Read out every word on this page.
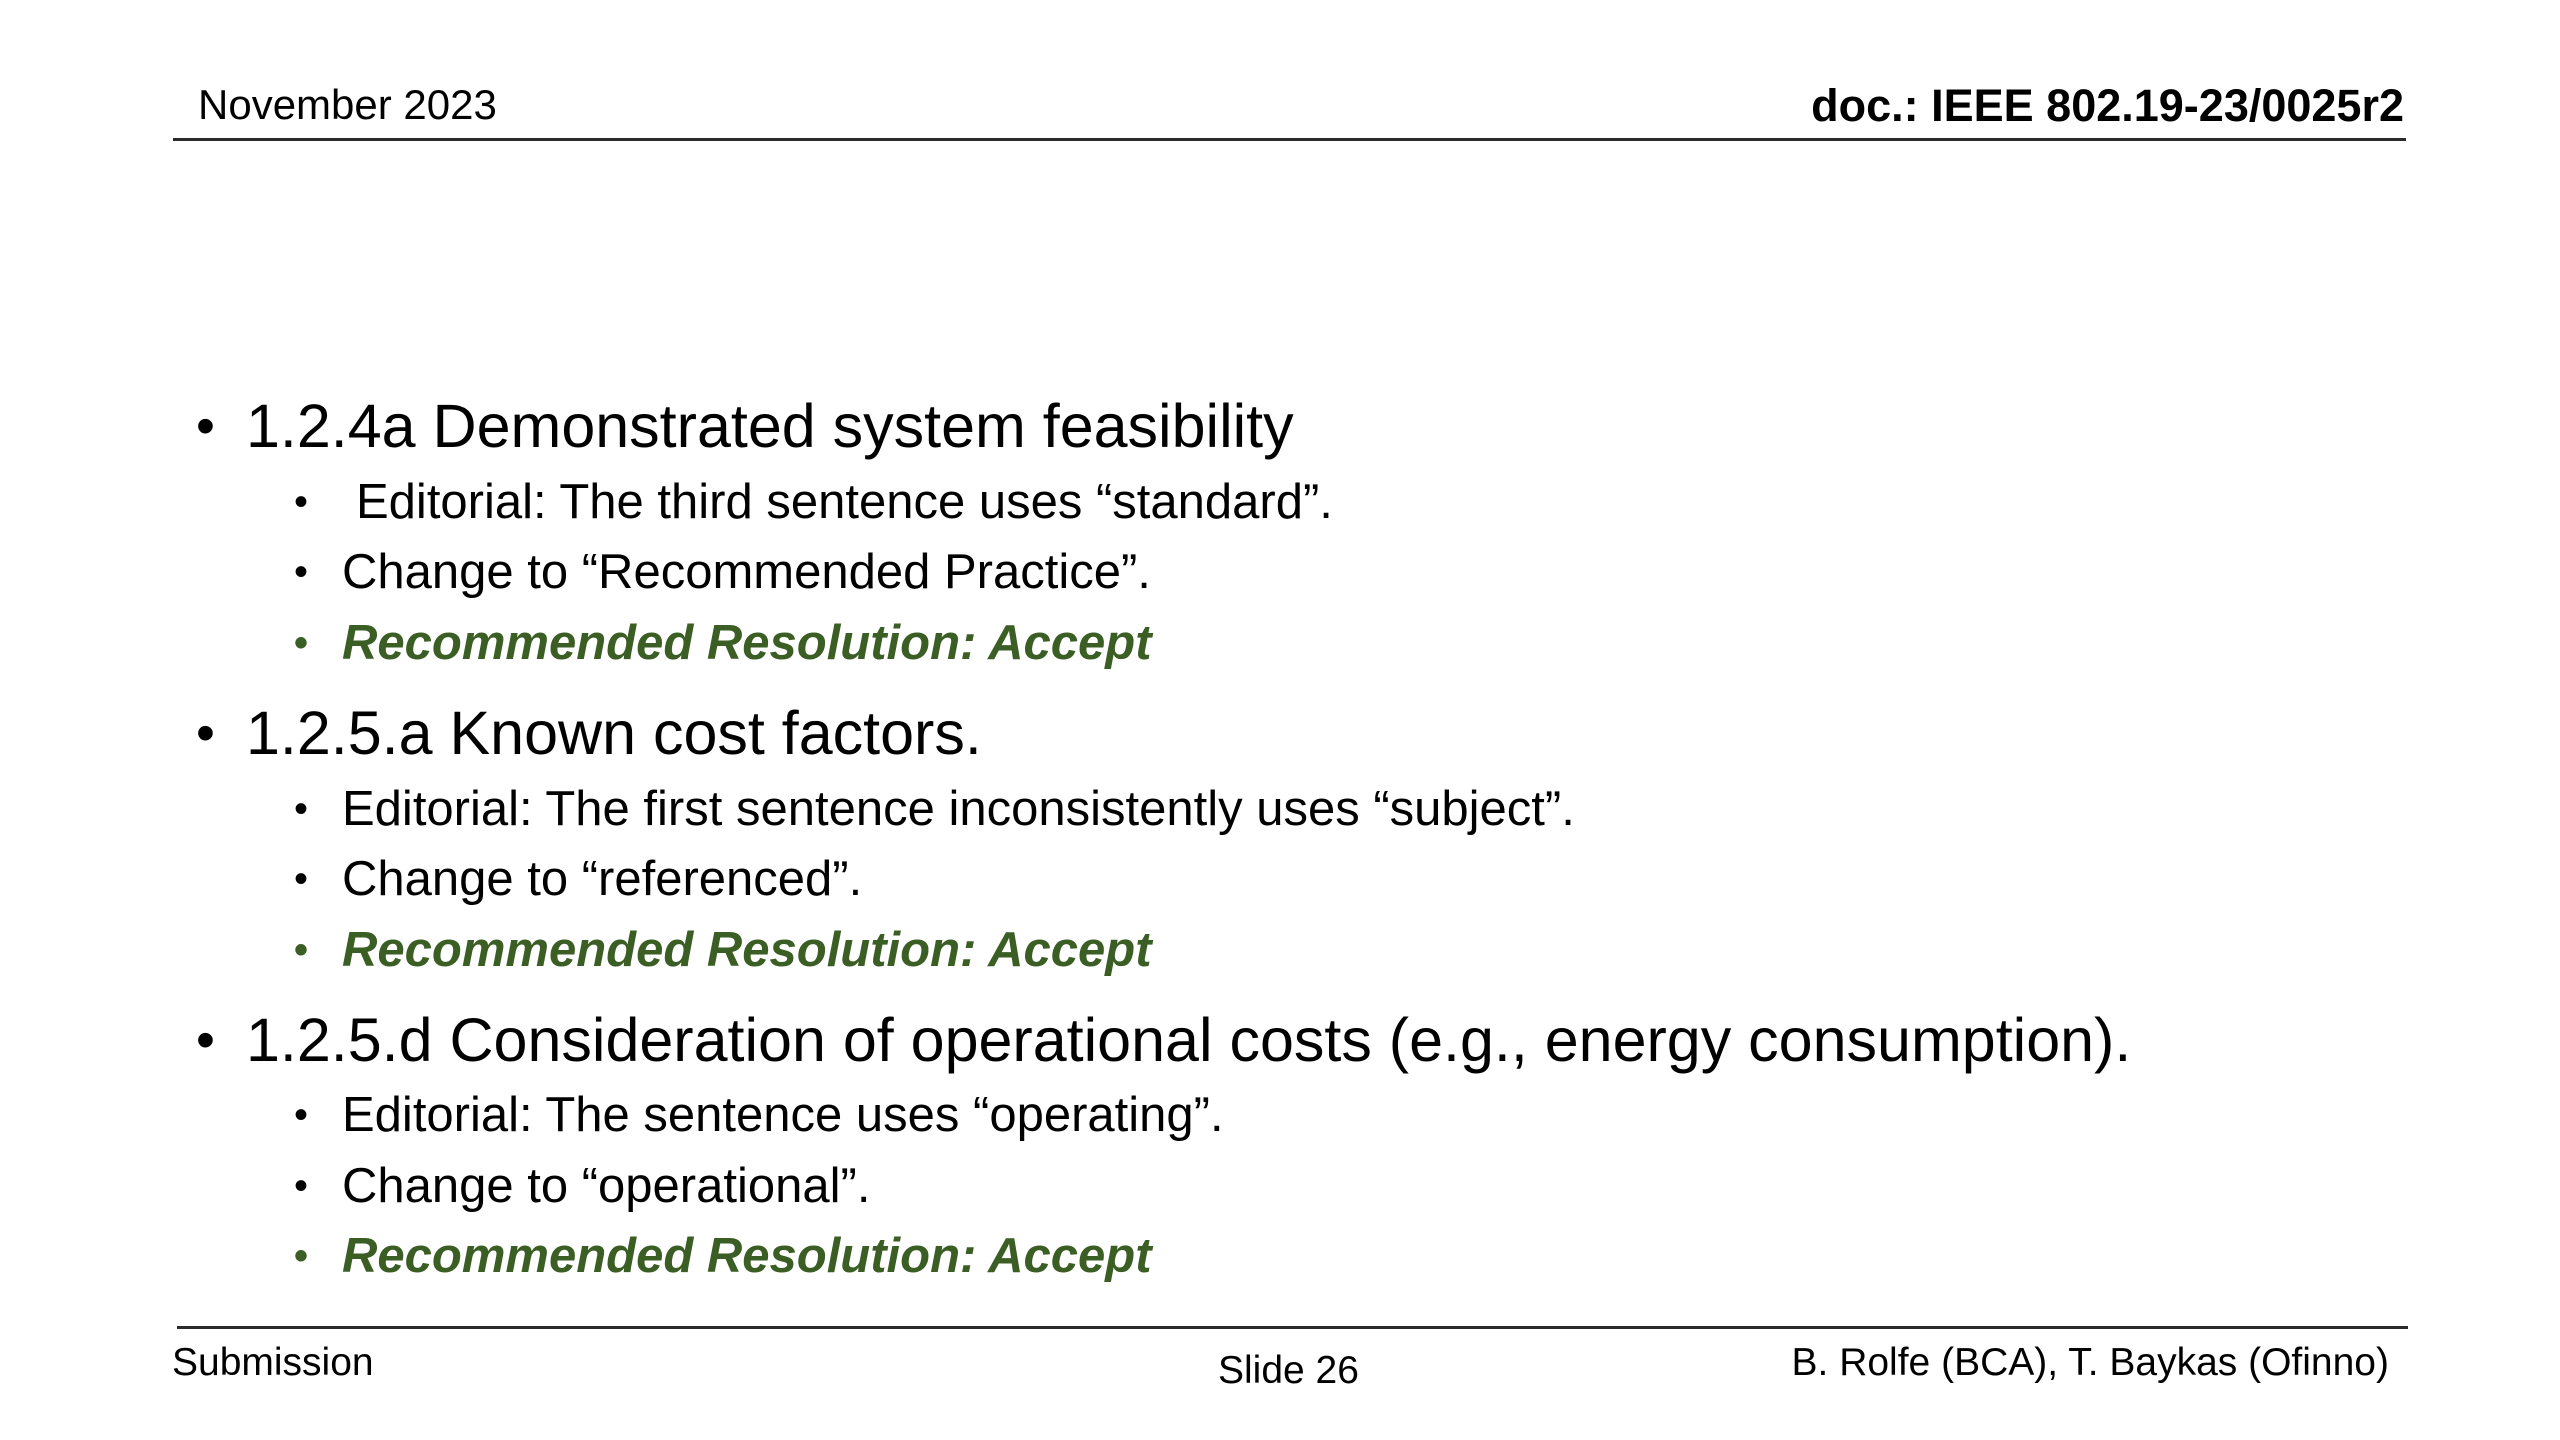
November 2023	doc.: IEEE 802.19-23/0025r2
• 1.2.4a Demonstrated system feasibility
• Editorial: The third sentence uses “standard”.
• Change to “Recommended Practice”.
• Recommended Resolution: Accept
• 1.2.5.a Known cost factors.
• Editorial: The first sentence inconsistently uses “subject”.
• Change to “referenced”.
• Recommended Resolution: Accept
• 1.2.5.d Consideration of operational costs (e.g., energy consumption).
• Editorial: The sentence uses “operating”.
• Change to “operational”.
• Recommended Resolution: Accept
Submission	Slide 26	B. Rolfe (BCA), T. Baykas (Ofinno)
